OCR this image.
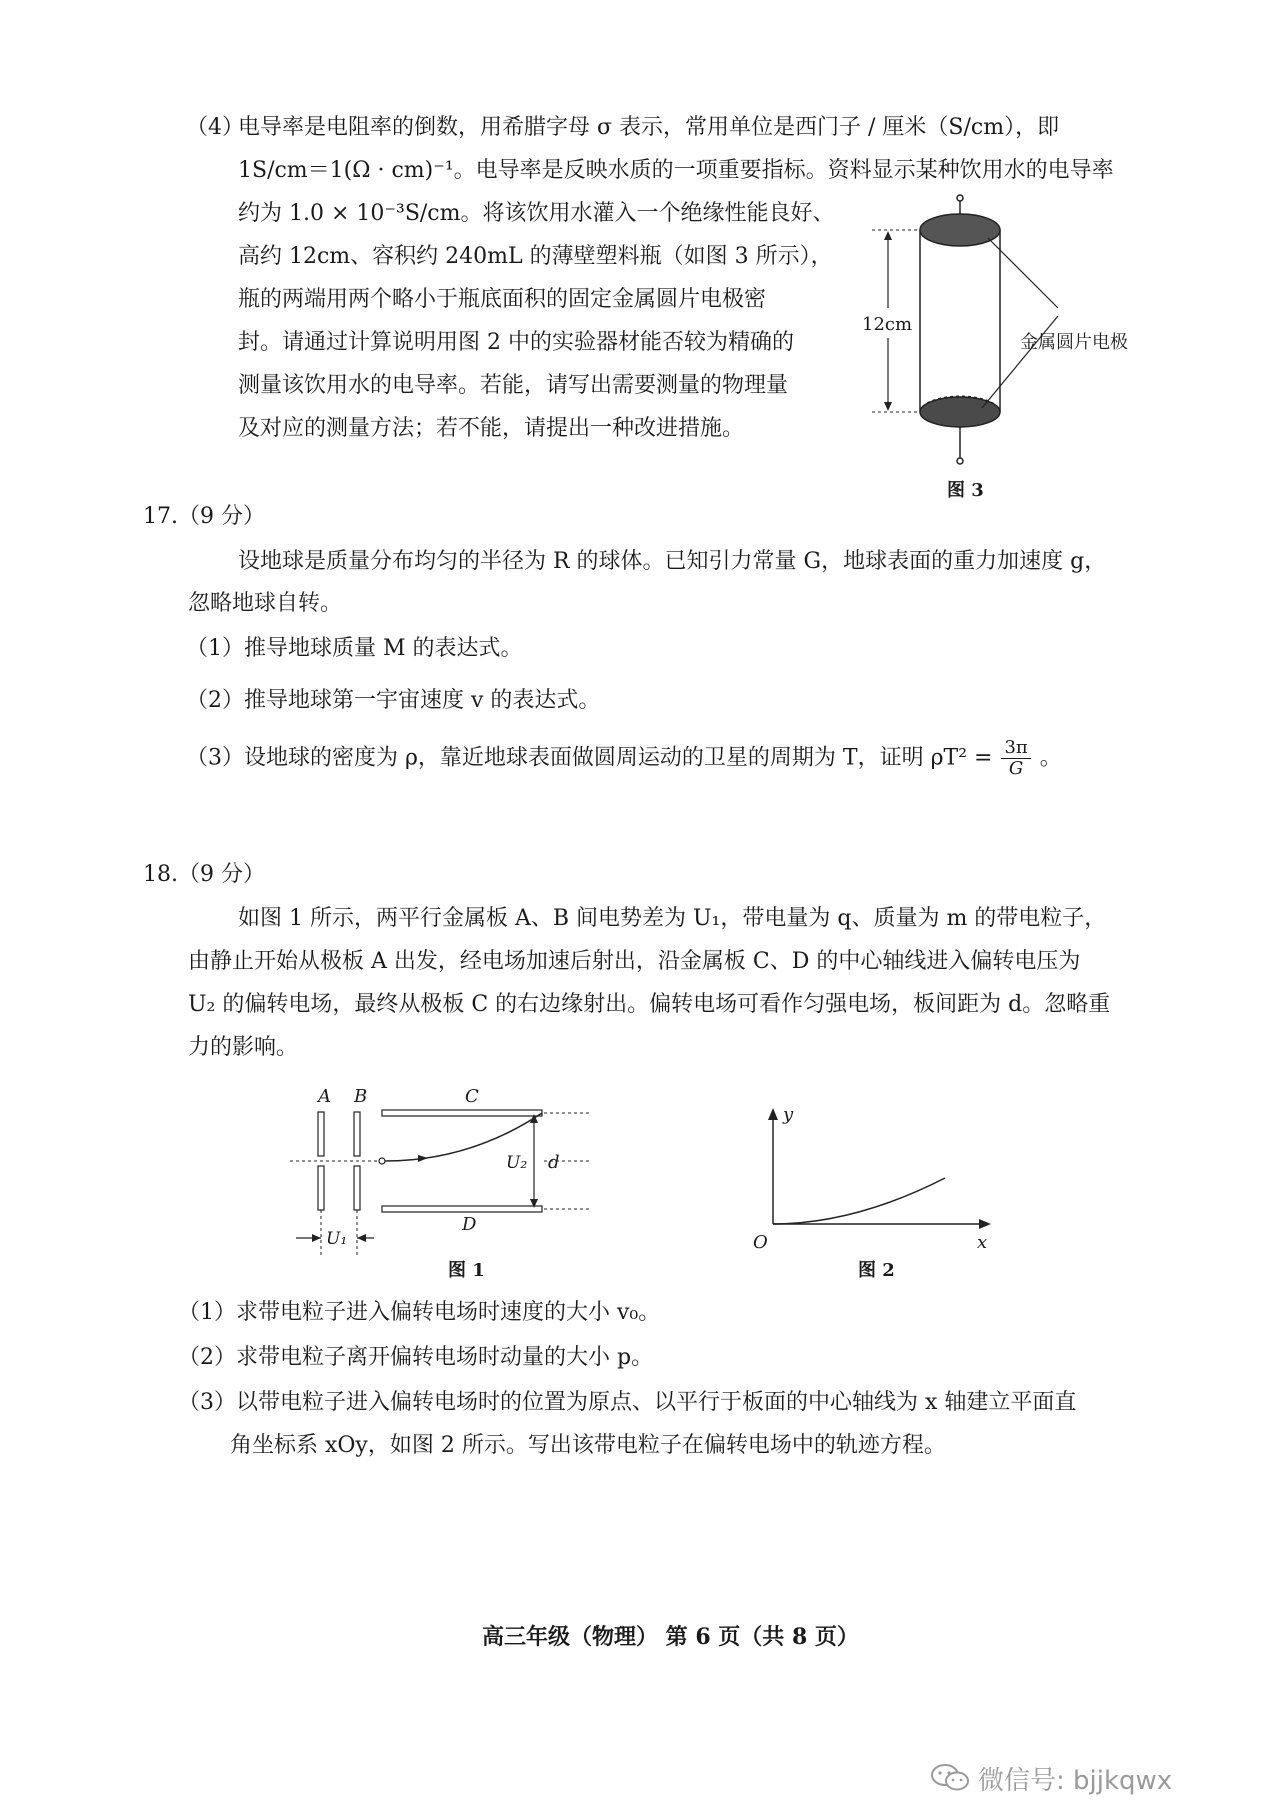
（4）
电导率是电阻率的倒数，用希腊字母 σ 表示，常用单位是西门子 / 厘米（S/cm），即
1S/cm＝1(Ω · cm)⁻¹。电导率是反映水质的一项重要指标。资料显示某种饮用水的电导率
约为 1.0 × 10⁻³S/cm。将该饮用水灌入一个绝缘性能良好、
高约 12cm、容积约 240mL 的薄壁塑料瓶（如图 3 所示），
瓶的两端用两个略小于瓶底面积的固定金属圆片电极密
封。请通过计算说明用图 2 中的实验器材能否较为精确的
测量该饮用水的电导率。若能，请写出需要测量的物理量
及对应的测量方法；若不能，请提出一种改进措施。
12cm
金属圆片电极
图 3
17.（9 分）
设地球是质量分布均匀的半径为 R 的球体。已知引力常量 G，地球表面的重力加速度 g，
忽略地球自转。
（1）推导地球质量 M 的表达式。
（2）推导地球第一宇宙速度 v 的表达式。
（3）设地球的密度为 ρ，靠近地球表面做圆周运动的卫星的周期为 T，证明 $\rho T^2 = \frac{3\pi}{G}$ 。
18.（9 分）
如图 1 所示，两平行金属板 A、B 间电势差为 U₁，带电量为 q、质量为 m 的带电粒子，
由静止开始从极板 A 出发，经电场加速后射出，沿金属板 C、D 的中心轴线进入偏转电压为
U₂ 的偏转电场，最终从极板 C 的右边缘射出。偏转电场可看作匀强电场，板间距为 d。忽略重
力的影响。
A B	C
U₂ d
D
U₁
图 1
y
x
O
图 2
（1）求带电粒子进入偏转电场时速度的大小 v₀。
（2）求带电粒子离开偏转电场时动量的大小 p。
（3）以带电粒子进入偏转电场时的位置为原点、以平行于板面的中心轴线为 x 轴建立平面直
角坐标系 xOy，如图 2 所示。写出该带电粒子在偏转电场中的轨迹方程。
高三年级（物理） 第 6 页（共 8 页）
微信号: bjjkqwx
